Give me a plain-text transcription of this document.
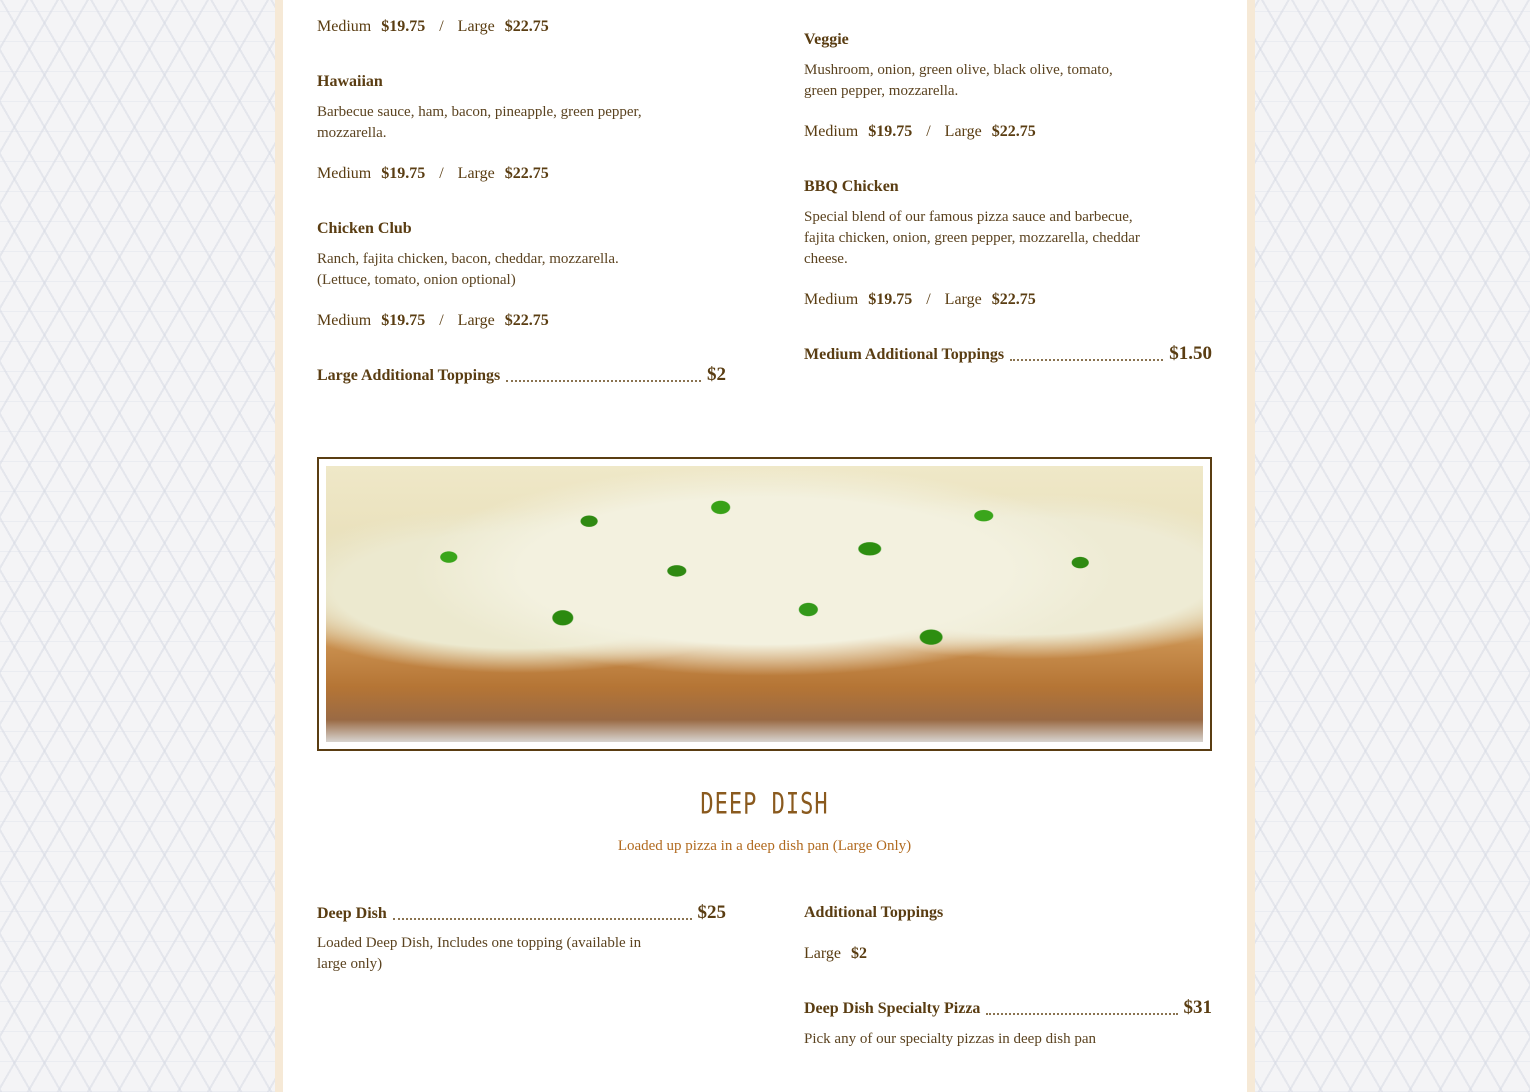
Medium $19.75 / Large $22.75
Hawaiian
Barbecue sauce, ham, bacon, pineapple, green pepper, mozzarella.
Medium $19.75 / Large $22.75
Chicken Club
Ranch, fajita chicken, bacon, cheddar, mozzarella. (Lettuce, tomato, onion optional)
Medium $19.75 / Large $22.75
Large Additional Toppings	$2
Veggie
Mushroom, onion, green olive, black olive, tomato, green pepper, mozzarella.
Medium $19.75 / Large $22.75
BBQ Chicken
Special blend of our famous pizza sauce and barbecue, fajita chicken, onion, green pepper, mozzarella, cheddar cheese.
Medium $19.75 / Large $22.75
Medium Additional Toppings	$1.50
DEEP DISH
Loaded up pizza in a deep dish pan (Large Only)
Deep Dish	$25
Loaded Deep Dish, Includes one topping (available in large only)
Additional Toppings
Large $2
Deep Dish Specialty Pizza	$31
Pick any of our specialty pizzas in deep dish pan
